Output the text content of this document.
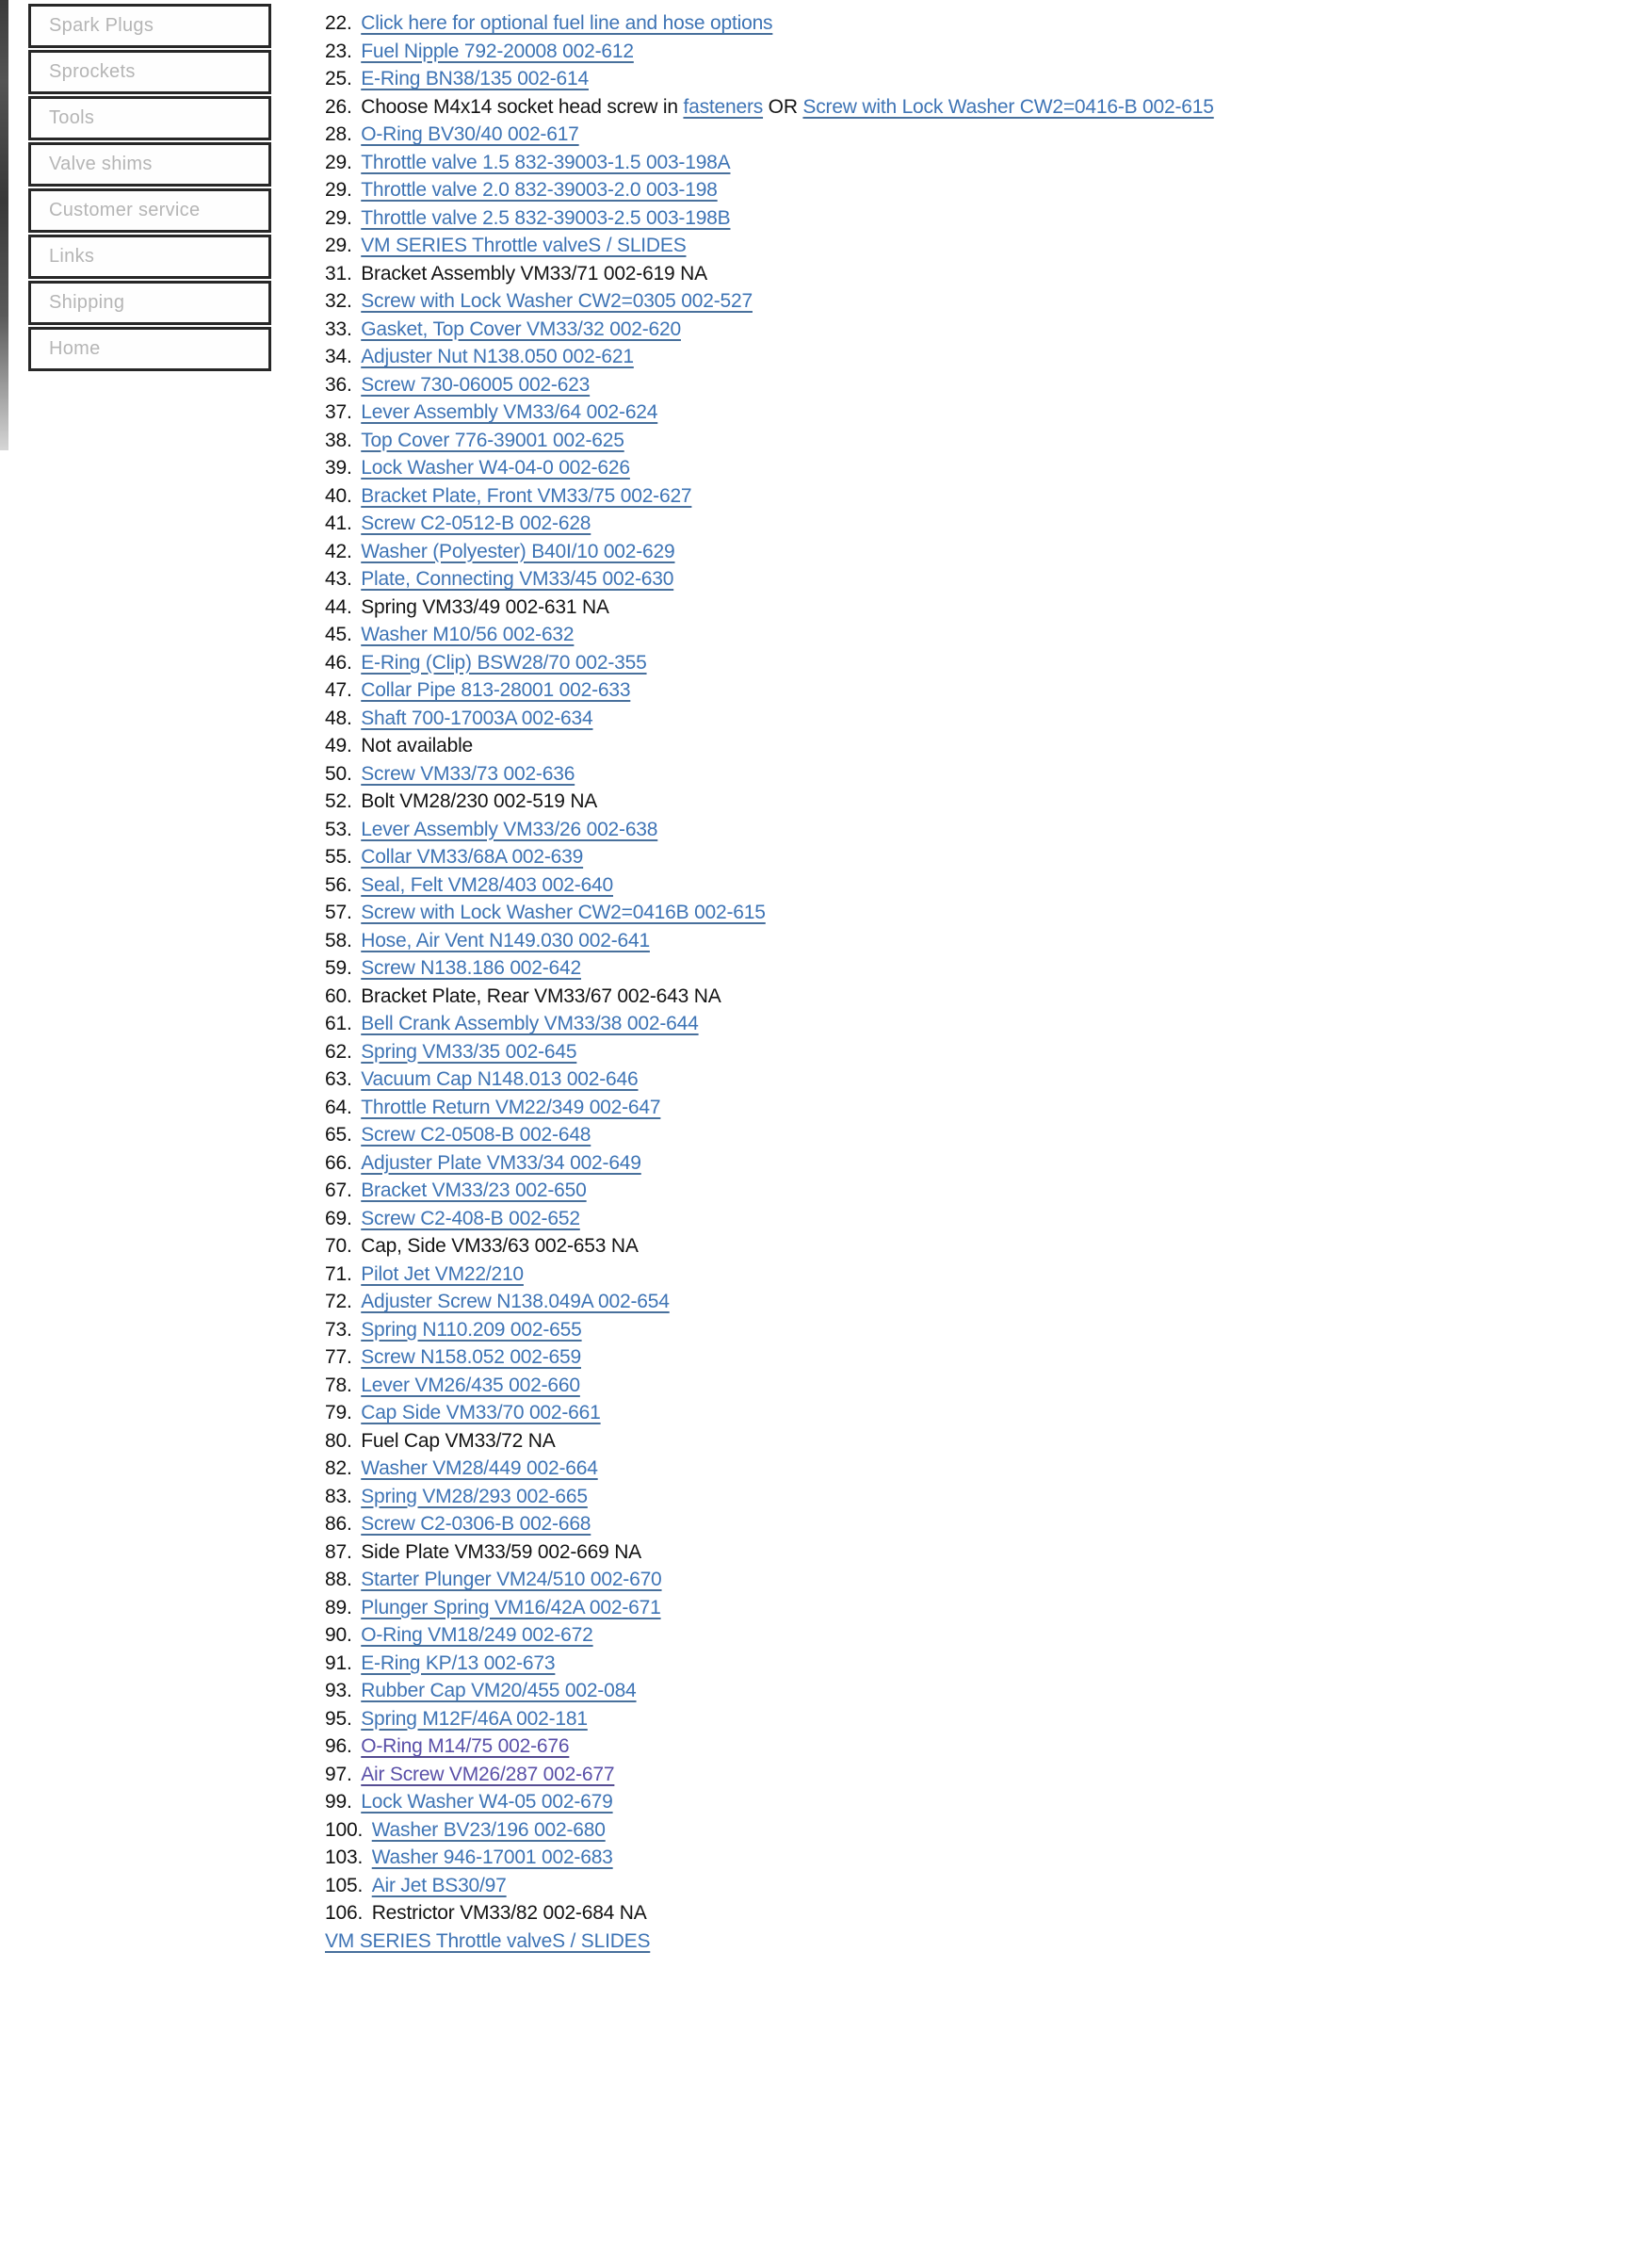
Spark Plugs
Sprockets
Tools
Valve shims
Customer service
Links
Shipping
Home
22. Click here for optional fuel line and hose options
23. Fuel Nipple 792-20008 002-612
25. E-Ring BN38/135 002-614
26. Choose M4x14 socket head screw in fasteners OR Screw with Lock Washer CW2=0416-B 002-615
28. O-Ring BV30/40 002-617
29. Throttle valve 1.5 832-39003-1.5 003-198A
29. Throttle valve 2.0 832-39003-2.0 003-198
29. Throttle valve 2.5 832-39003-2.5 003-198B
29. VM SERIES Throttle valveS / SLIDES
31. Bracket Assembly VM33/71 002-619 NA
32. Screw with Lock Washer CW2=0305 002-527
33. Gasket, Top Cover VM33/32 002-620
34. Adjuster Nut N138.050 002-621
36. Screw 730-06005 002-623
37. Lever Assembly VM33/64 002-624
38. Top Cover 776-39001 002-625
39. Lock Washer W4-04-0 002-626
40. Bracket Plate, Front VM33/75 002-627
41. Screw C2-0512-B 002-628
42. Washer (Polyester) B40I/10 002-629
43. Plate, Connecting VM33/45 002-630
44. Spring VM33/49 002-631 NA
45. Washer M10/56 002-632
46. E-Ring (Clip) BSW28/70 002-355
47. Collar Pipe 813-28001 002-633
48. Shaft 700-17003A 002-634
49. Not available
50. Screw VM33/73 002-636
52. Bolt VM28/230 002-519 NA
53. Lever Assembly VM33/26 002-638
55. Collar VM33/68A 002-639
56. Seal, Felt VM28/403 002-640
57. Screw with Lock Washer CW2=0416B 002-615
58. Hose, Air Vent N149.030 002-641
59. Screw N138.186 002-642
60. Bracket Plate, Rear VM33/67 002-643 NA
61. Bell Crank Assembly VM33/38 002-644
62. Spring VM33/35 002-645
63. Vacuum Cap N148.013 002-646
64. Throttle Return VM22/349 002-647
65. Screw C2-0508-B 002-648
66. Adjuster Plate VM33/34 002-649
67. Bracket VM33/23 002-650
69. Screw C2-408-B 002-652
70. Cap, Side VM33/63 002-653 NA
71. Pilot Jet VM22/210
72. Adjuster Screw N138.049A 002-654
73. Spring N110.209 002-655
77. Screw N158.052 002-659
78. Lever VM26/435 002-660
79. Cap Side VM33/70 002-661
80. Fuel Cap VM33/72 NA
82. Washer VM28/449 002-664
83. Spring VM28/293 002-665
86. Screw C2-0306-B 002-668
87. Side Plate VM33/59 002-669 NA
88. Starter Plunger VM24/510 002-670
89. Plunger Spring VM16/42A 002-671
90. O-Ring VM18/249 002-672
91. E-Ring KP/13 002-673
93. Rubber Cap VM20/455 002-084
95. Spring M12F/46A 002-181
96. O-Ring M14/75 002-676
97. Air Screw VM26/287 002-677
99. Lock Washer W4-05 002-679
100. Washer BV23/196 002-680
103. Washer 946-17001 002-683
105. Air Jet BS30/97
106. Restrictor VM33/82 002-684 NA
VM SERIES Throttle valveS / SLIDES
